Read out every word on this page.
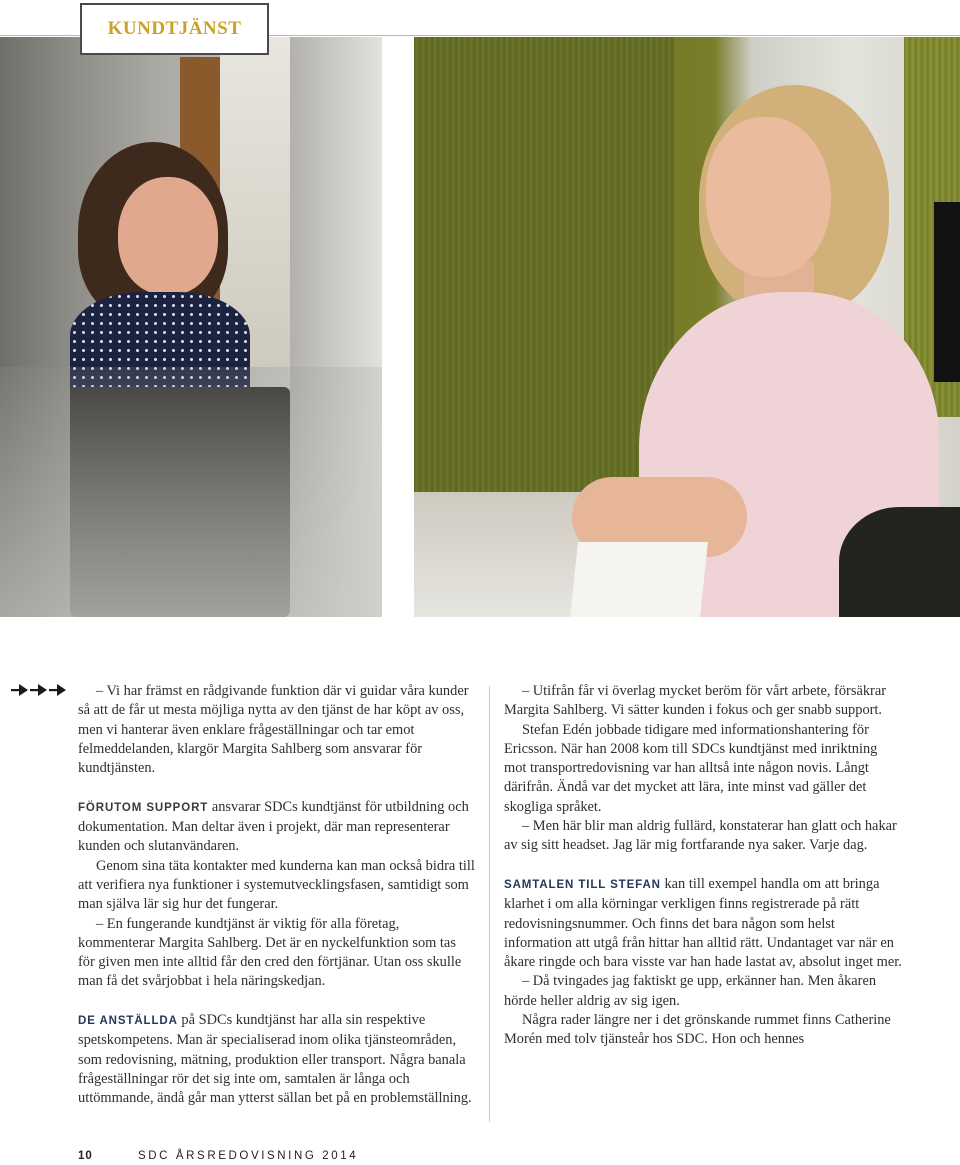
KUNDTJÄNST

– Vi har främst en rådgivande funktion där vi guidar våra kunder så att de får ut mesta möjliga nytta av den tjänst de har köpt av oss, men vi hanterar även enklare frågeställningar och tar emot felmeddelanden, klargör Margita Sahlberg som ansvarar för kundtjänsten.

FÖRUTOM SUPPORT ansvarar SDCs kundtjänst för utbildning och dokumentation. Man deltar även i projekt, där man representerar kunden och slutanvändaren.

Genom sina täta kontakter med kunderna kan man också bidra till att verifiera nya funktioner i systemutvecklingsfasen, samtidigt som man själva lär sig hur det fungerar.

– En fungerande kundtjänst är viktig för alla företag, kommenterar Margita Sahlberg. Det är en nyckelfunktion som tas för given men inte alltid får den cred den förtjänar. Utan oss skulle man få det svårjobbat i hela näringskedjan.

DE ANSTÄLLDA på SDCs kundtjänst har alla sin respektive spetskompetens. Man är specialiserad inom olika tjänsteområden, som redovisning, mätning, produktion eller transport. Några banala frågeställningar rör det sig inte om, samtalen är långa och uttömmande, ändå går man ytterst sällan bet på en problemställning.

– Utifrån får vi överlag mycket beröm för vårt arbete, försäkrar Margita Sahlberg. Vi sätter kunden i fokus och ger snabb support.

Stefan Edén jobbade tidigare med informationshantering för Ericsson. När han 2008 kom till SDCs kundtjänst med inriktning mot transportredovisning var han alltså inte någon novis. Långt därifrån. Ändå var det mycket att lära, inte minst vad gäller det skogliga språket.

– Men här blir man aldrig fullärd, konstaterar han glatt och hakar av sig sitt headset. Jag lär mig fortfarande nya saker. Varje dag.

SAMTALEN TILL STEFAN kan till exempel handla om att bringa klarhet i om alla körningar verkligen finns registrerade på rätt redovisningsnummer. Och finns det bara någon som helst information att utgå från hittar han alltid rätt. Undantaget var när en åkare ringde och bara visste var han hade lastat av, absolut inget mer.

– Då tvingades jag faktiskt ge upp, erkänner han. Men åkaren hörde heller aldrig av sig igen.

Några rader längre ner i det grönskande rummet finns Catherine Morén med tolv tjänsteår hos SDC. Hon och hennes

10	SDC ÅRSREDOVISNING 2014
